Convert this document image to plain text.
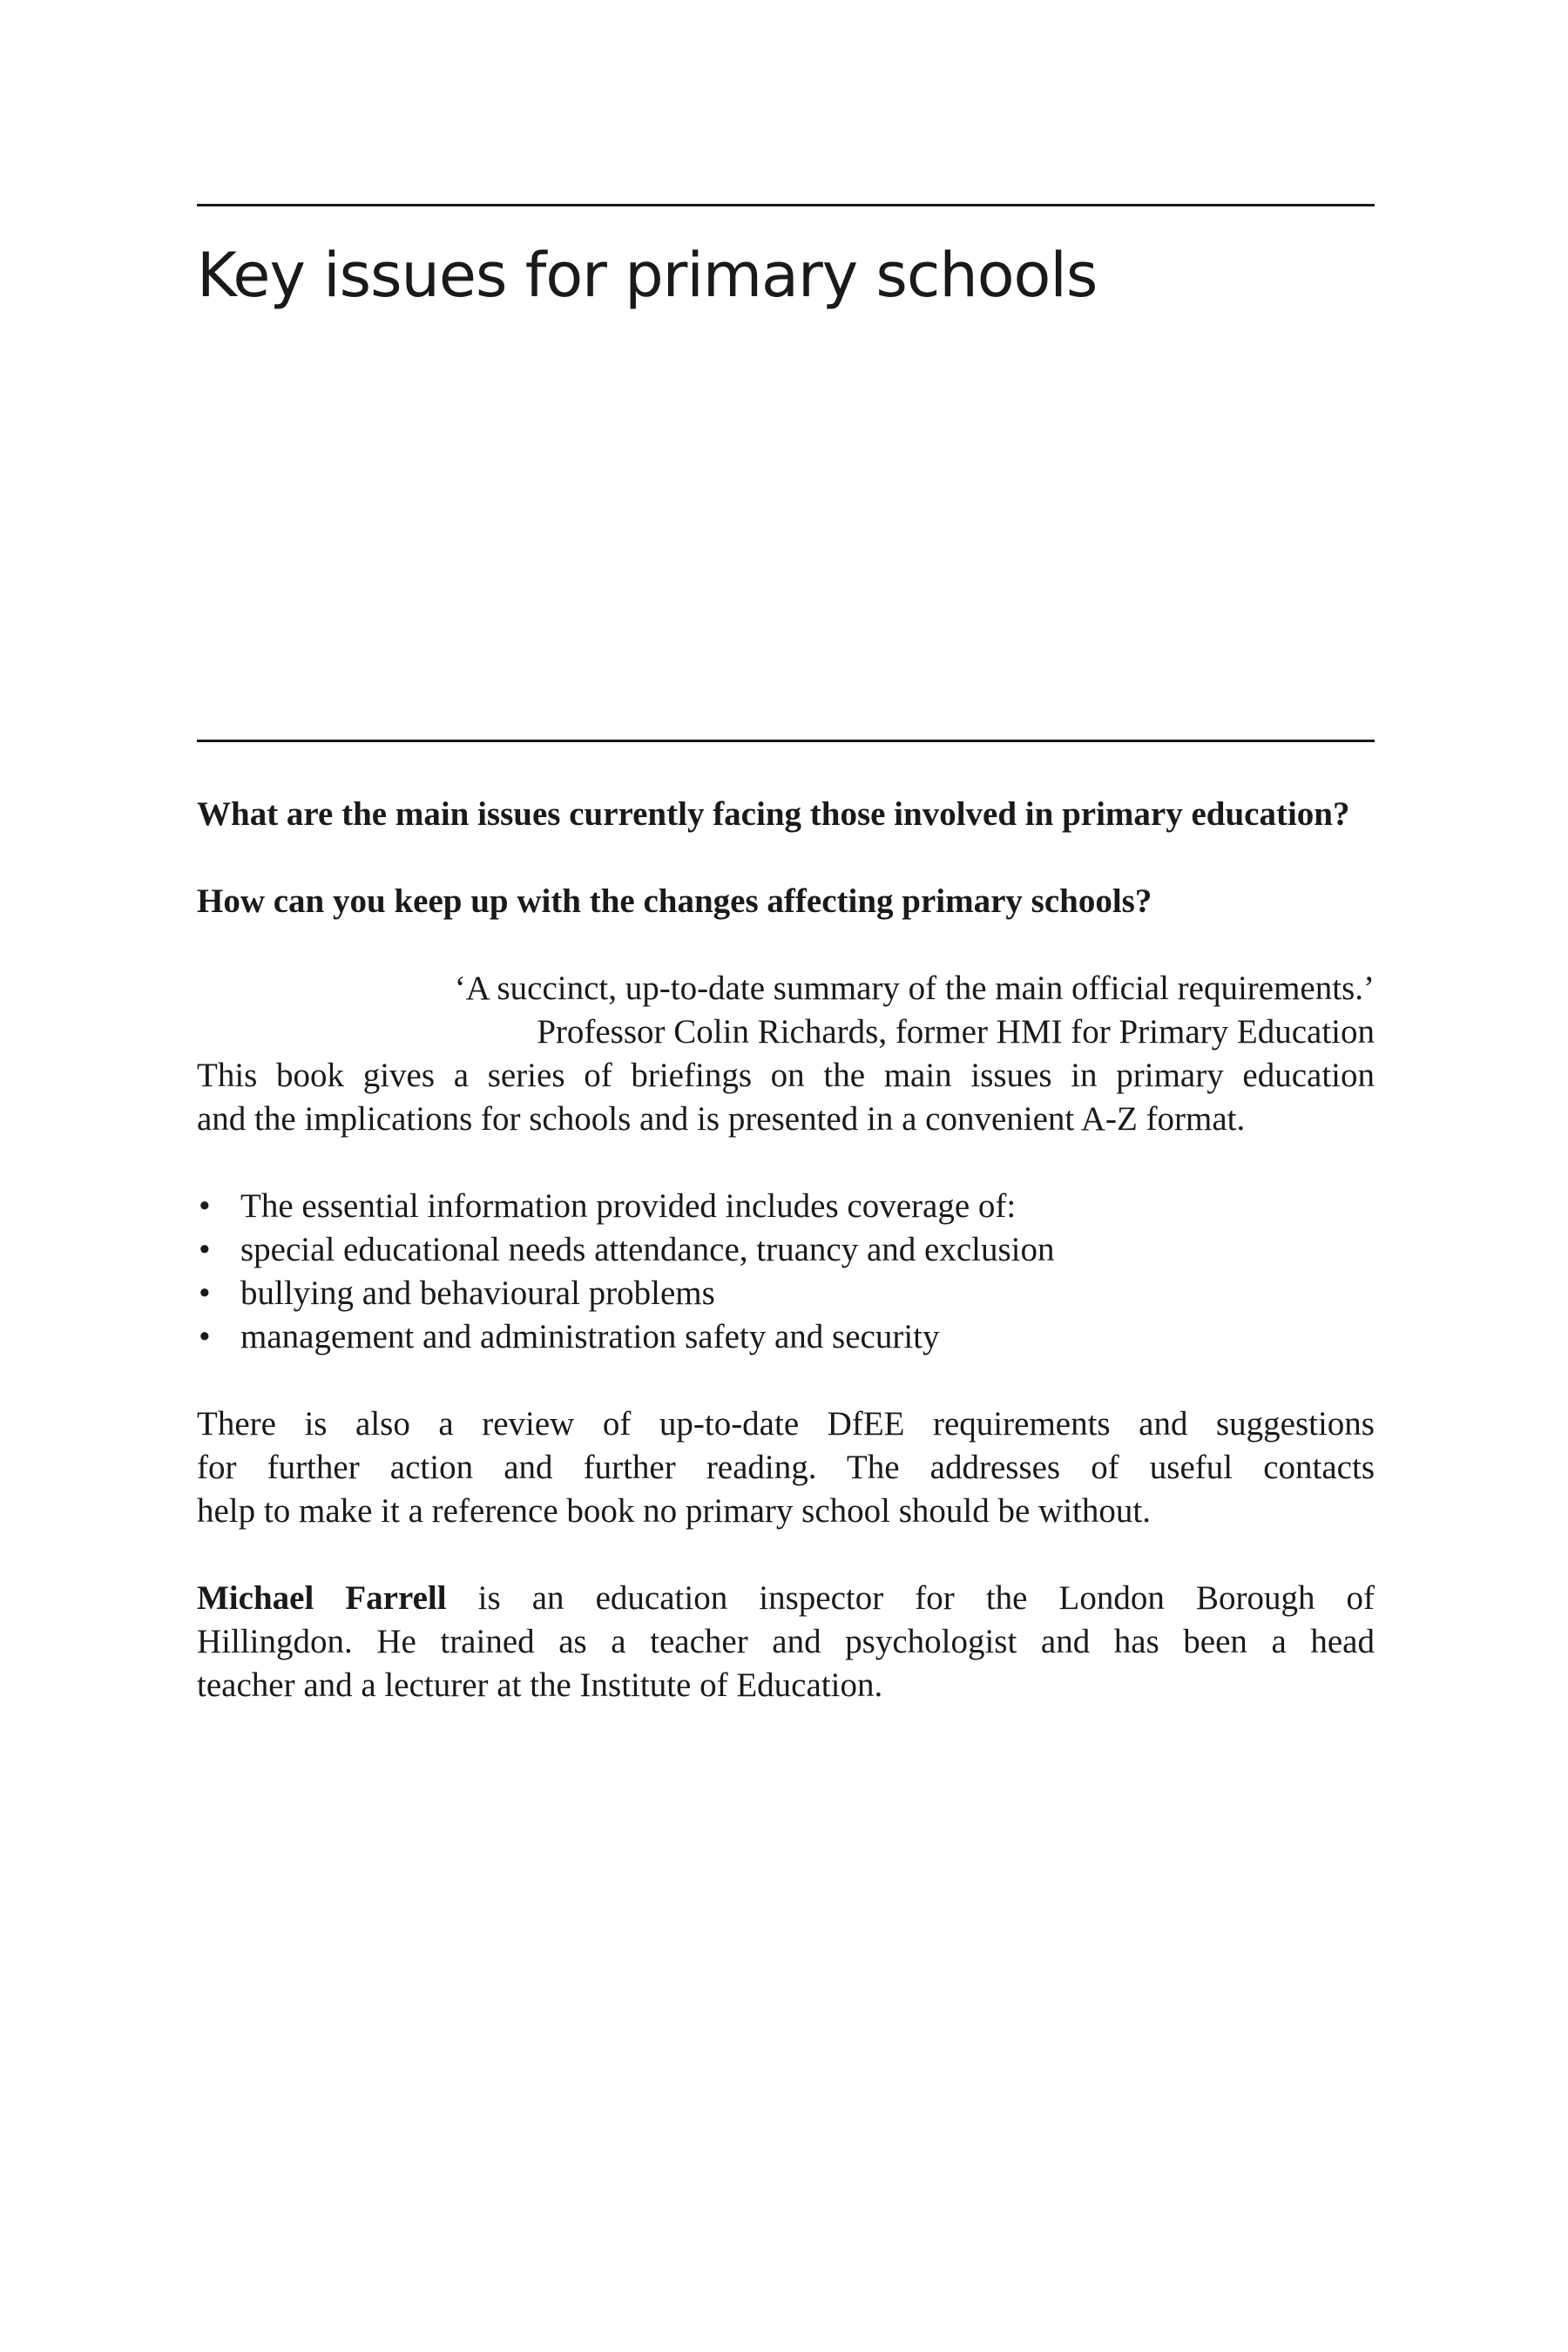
Key issues for primary schools

What are the main issues currently facing those involved in primary education?

How can you keep up with the changes affecting primary schools?

‘A succinct, up-to-date summary of the main official requirements.’
Professor Colin Richards, former HMI for Primary Education

This book gives a series of briefings on the main issues in primary education
and the implications for schools and is presented in a convenient A-Z format.

• The essential information provided includes coverage of:
• special educational needs attendance, truancy and exclusion
• bullying and behavioural problems
• management and administration safety and security

There is also a review of up-to-date DfEE requirements and suggestions
for further action and further reading. The addresses of useful contacts
help to make it a reference book no primary school should be without.

Michael Farrell is an education inspector for the London Borough of
Hillingdon. He trained as a teacher and psychologist and has been a head
teacher and a lecturer at the Institute of Education.
